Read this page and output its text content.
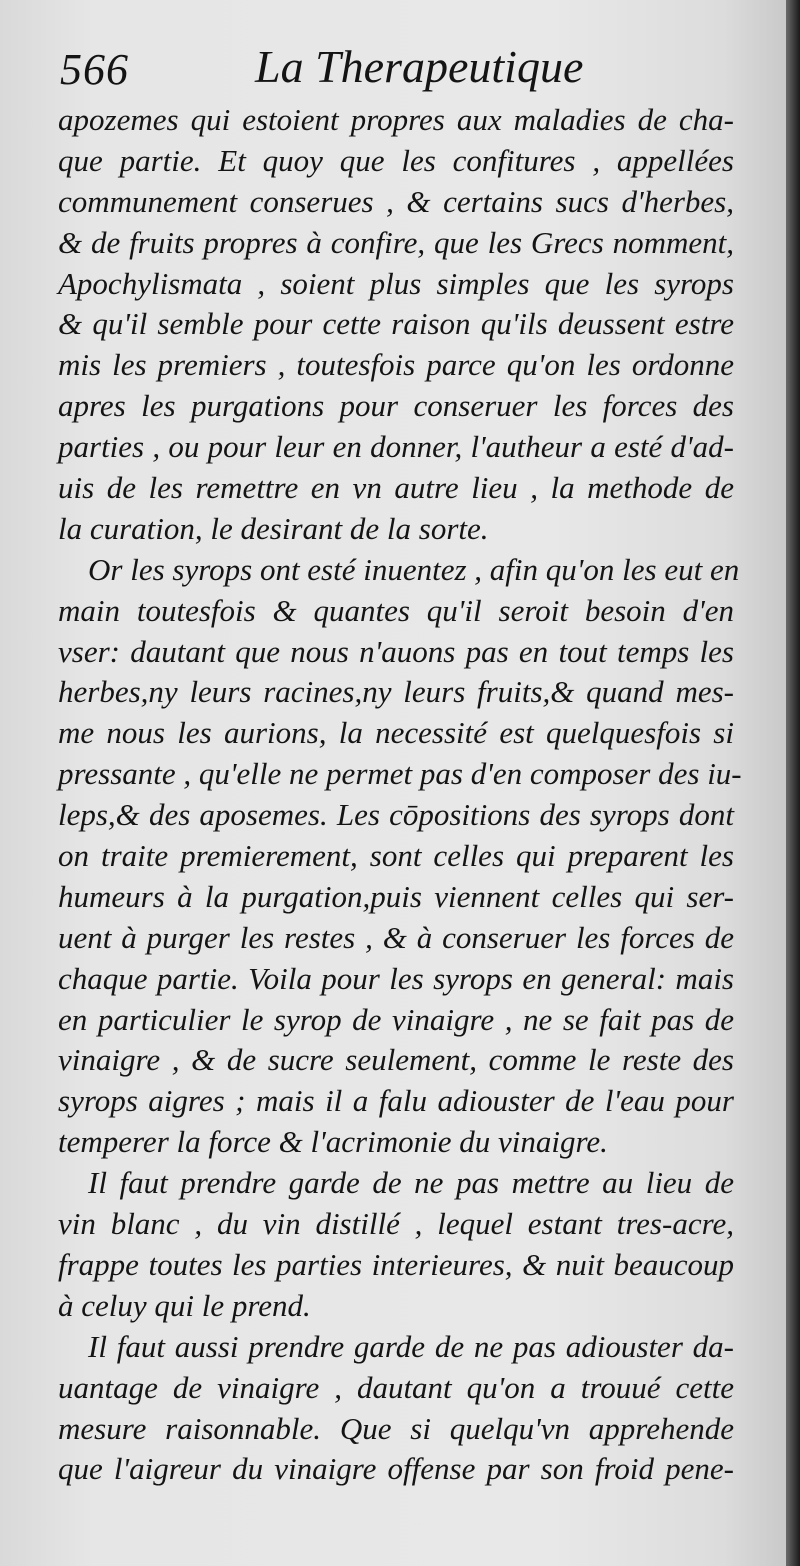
566	La Therapeutique
apozemes qui estoient propres aux maladies de cha-
que partie. Et quoy que les confitures , appellées
communement conserues , & certains sucs d'herbes,
& de fruits propres à confire, que les Grecs nomment,
Apochylismata , soient plus simples que les syrops
& qu'il semble pour cette raison qu'ils deussent estre
mis les premiers , toutesfois parce qu'on les ordonne
apres les purgations pour conseruer les forces des
parties , ou pour leur en donner, l'autheur a esté d'ad-
uis de les remettre en vn autre lieu , la methode de
la curation, le desirant de la sorte.
Or les syrops ont esté inuentez , afin qu'on les eut en
main toutesfois & quantes qu'il seroit besoin d'en
vser: dautant que nous n'auons pas en tout temps les
herbes,ny leurs racines,ny leurs fruits,& quand mes-
me nous les aurions, la necessité est quelquesfois si
pressante , qu'elle ne permet pas d'en composer des iu-
leps,& des aposemes. Les cōpositions des syrops dont
on traite premierement, sont celles qui preparent les
humeurs à la purgation,puis viennent celles qui ser-
uent à purger les restes , & à conseruer les forces de
chaque partie. Voila pour les syrops en general: mais
en particulier le syrop de vinaigre , ne se fait pas de
vinaigre , & de sucre seulement, comme le reste des
syrops aigres ; mais il a falu adiouster de l'eau pour
temperer la force & l'acrimonie du vinaigre.
Il faut prendre garde de ne pas mettre au lieu de
vin blanc , du vin distillé , lequel estant tres-acre,
frappe toutes les parties interieures, & nuit beaucoup
à celuy qui le prend.
Il faut aussi prendre garde de ne pas adiouster da-
uantage de vinaigre , dautant qu'on a trouué cette
mesure raisonnable. Que si quelqu'vn apprehende
que l'aigreur du vinaigre offense par son froid pene-
